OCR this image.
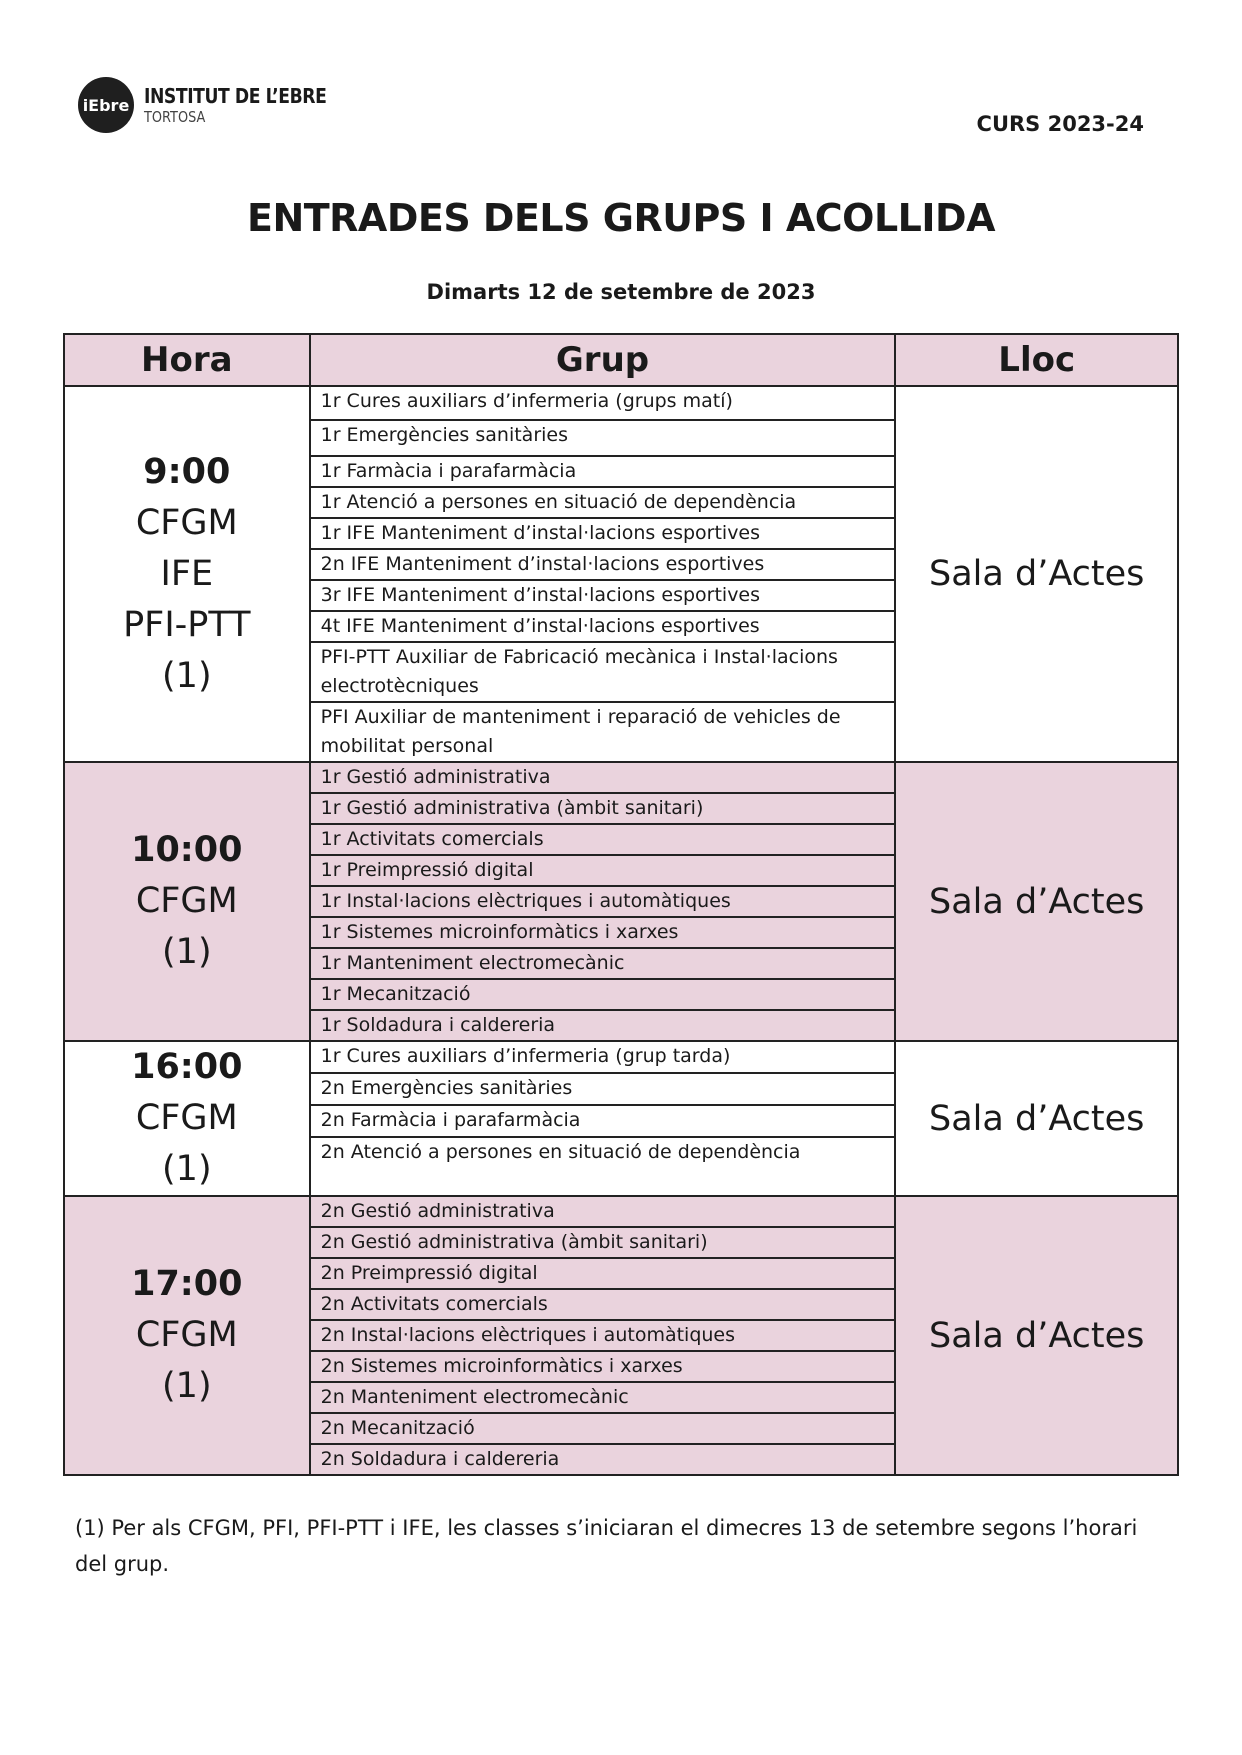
iEbre INSTITUT DE L’EBRE
TORTOSA	CURS 2023-24
ENTRADES DELS GRUPS I ACOLLIDA
Dimarts 12 de setembre de 2023
Hora	Grup	Lloc

9:00
CFGM
IFE
PFI-PTT
(1)	1r Cures auxiliars d’infermeria (grups matí)	Sala d’Actes
	1r Emergències sanitàries	
	1r Farmàcia i parafarmàcia	
	1r Atenció a persones en situació de dependència	
	1r IFE Manteniment d’instal·lacions esportives	
	2n IFE Manteniment d’instal·lacions esportives	
	3r IFE Manteniment d’instal·lacions esportives	
	4t IFE Manteniment d’instal·lacions esportives	
	PFI-PTT Auxiliar de Fabricació mecànica i Instal·lacions electrotècniques	
	PFI Auxiliar de manteniment i reparació de vehicles de mobilitat personal	

10:00
CFGM
(1)	1r Gestió administrativa	Sala d’Actes
	1r Gestió administrativa (àmbit sanitari)	
	1r Activitats comercials	
	1r Preimpressió digital	
	1r Instal·lacions elèctriques i automàtiques	
	1r Sistemes microinformàtics i xarxes	
	1r Manteniment electromecànic	
	1r Mecanització	
	1r Soldadura i caldereria	

16:00
CFGM
(1)	1r Cures auxiliars d’infermeria (grup tarda)	Sala d’Actes
	2n Emergències sanitàries	
	2n Farmàcia i parafarmàcia	
	2n Atenció a persones en situació de dependència	

17:00
CFGM
(1)	2n Gestió administrativa	Sala d’Actes
	2n Gestió administrativa (àmbit sanitari)	
	2n Preimpressió digital	
	2n Activitats comercials	
	2n Instal·lacions elèctriques i automàtiques	
	2n Sistemes microinformàtics i xarxes	
	2n Manteniment electromecànic	
	2n Mecanització	
	2n Soldadura i caldereria	
(1) Per als CFGM, PFI, PFI-PTT i IFE, les classes s’iniciaran el dimecres 13 de setembre segons l’horari del grup.
